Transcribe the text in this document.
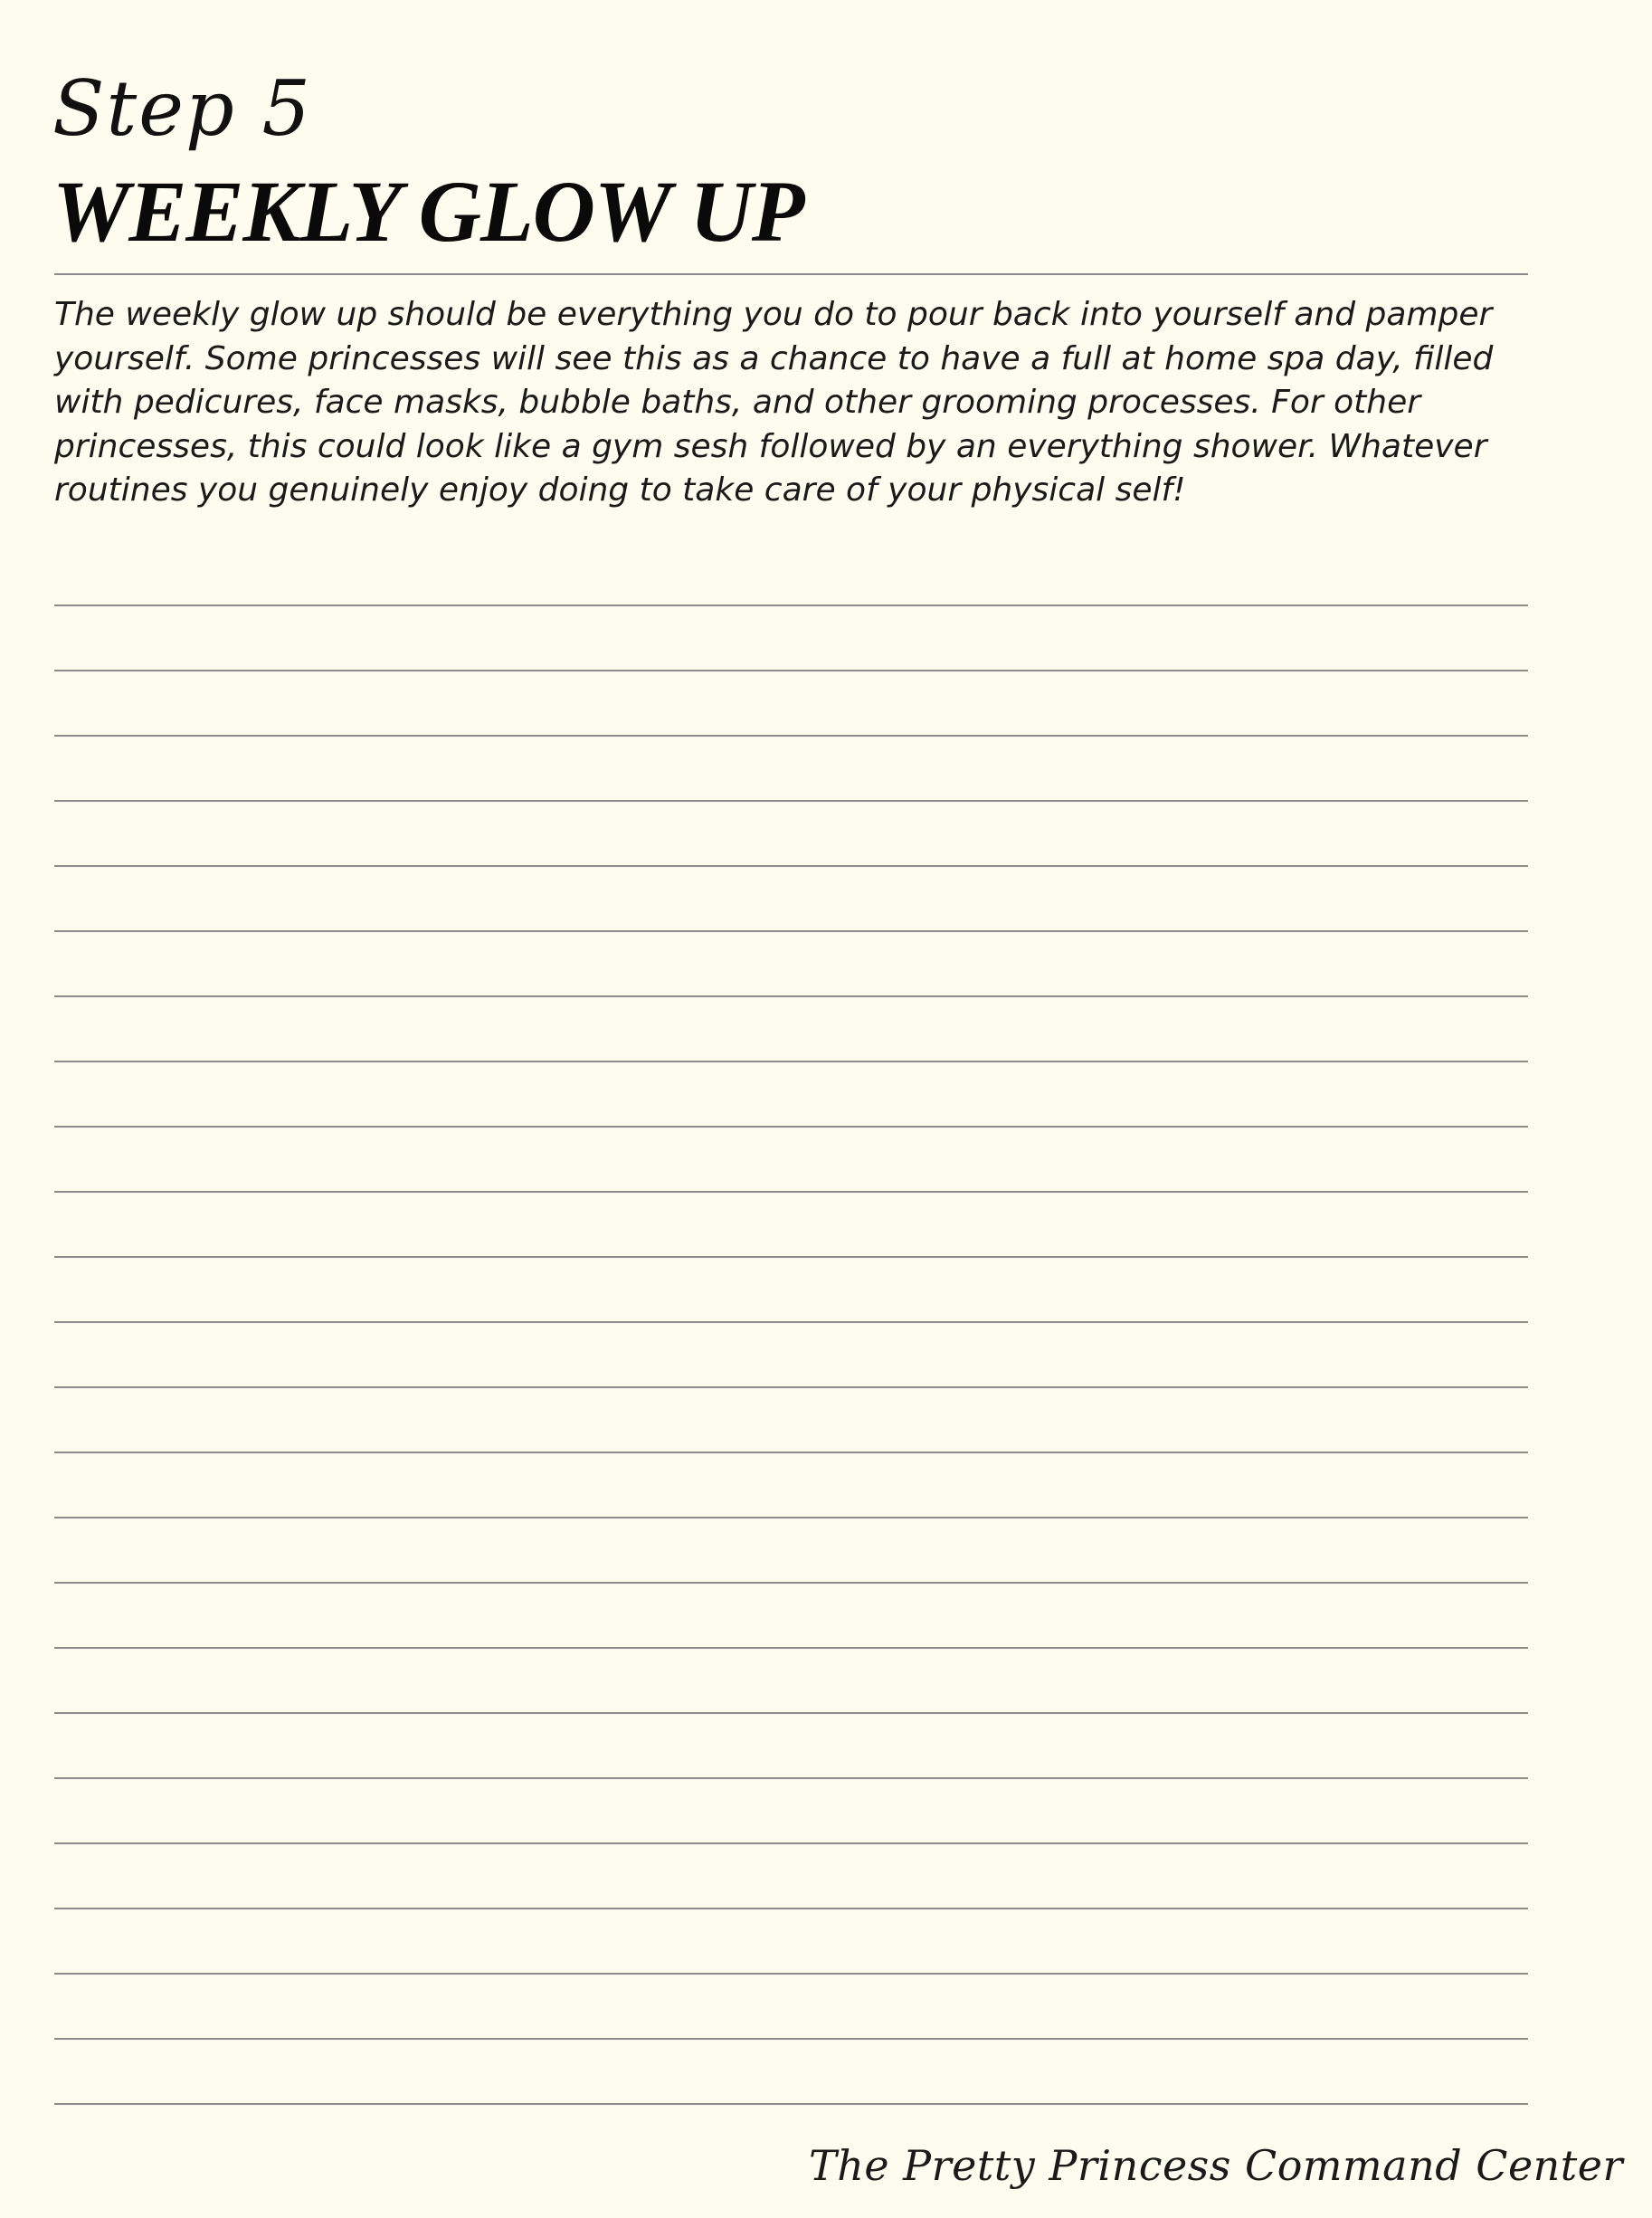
Step 5
WEEKLY GLOW UP

The weekly glow up should be everything you do to pour back into yourself and pamper yourself. Some princesses will see this as a chance to have a full at home spa day, filled with pedicures, face masks, bubble baths, and other grooming processes. For other princesses, this could look like a gym sesh followed by an everything shower. Whatever routines you genuinely enjoy doing to take care of your physical self!

The Pretty Princess Command Center
